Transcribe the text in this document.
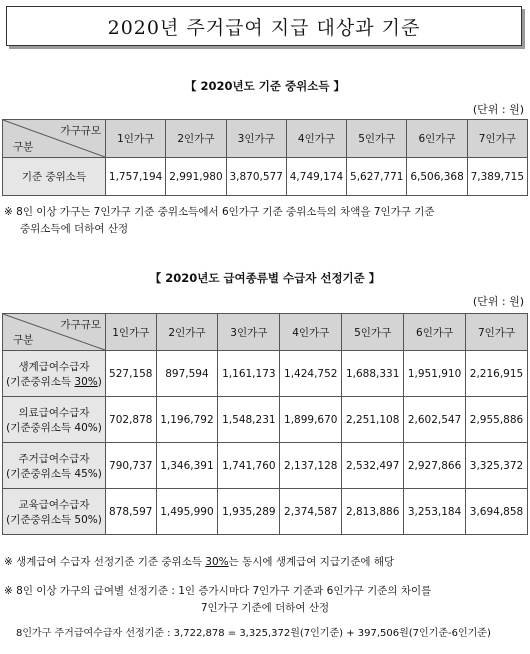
2020년 주거급여 지급 대상과 기준
【 2020년도 기준 중위소득 】
(단위 : 원)
가구규모
구분	1인가구	2인가구	3인가구	4인가구	5인가구	6인가구	7인가구
기준 중위소득	1,757,194	2,991,980	3,870,577	4,749,174	5,627,771	6,506,368	7,389,715
※ 8인 이상 가구는 7인가구 기준 중위소득에서 6인가구 기준 중위소득의 차액을 7인가구 기준
중위소득에 더하여 산정
【 2020년도 급여종류별 수급자 선정기준 】
(단위 : 원)
가구규모
구분	1인가구	2인가구	3인가구	4인가구	5인가구	6인가구	7인가구

생계급여수급자
(기준중위소득 30%)	527,158	897,594	1,161,173	1,424,752	1,688,331	1,951,910	2,216,915

의료급여수급자
(기준중위소득 40%)	702,878	1,196,792	1,548,231	1,899,670	2,251,108	2,602,547	2,955,886

주거급여수급자
(기준중위소득 45%)	790,737	1,346,391	1,741,760	2,137,128	2,532,497	2,927,866	3,325,372

교육급여수급자
(기준중위소득 50%)	878,597	1,495,990	1,935,289	2,374,587	2,813,886	3,253,184	3,694,858
※ 생계급여 수급자 선정기준 기준 중위소득 30%는 동시에 생계급여 지급기준에 해당
※ 8인 이상 가구의 급여별 선정기준 : 1인 증가시마다 7인가구 기준과 6인가구 기준의 차이를
7인가구 기준에 더하여 산정
8인가구 주거급여수급자 선정기준 : 3,722,878 = 3,325,372원(7인기준) + 397,506원(7인기준-6인기준)
